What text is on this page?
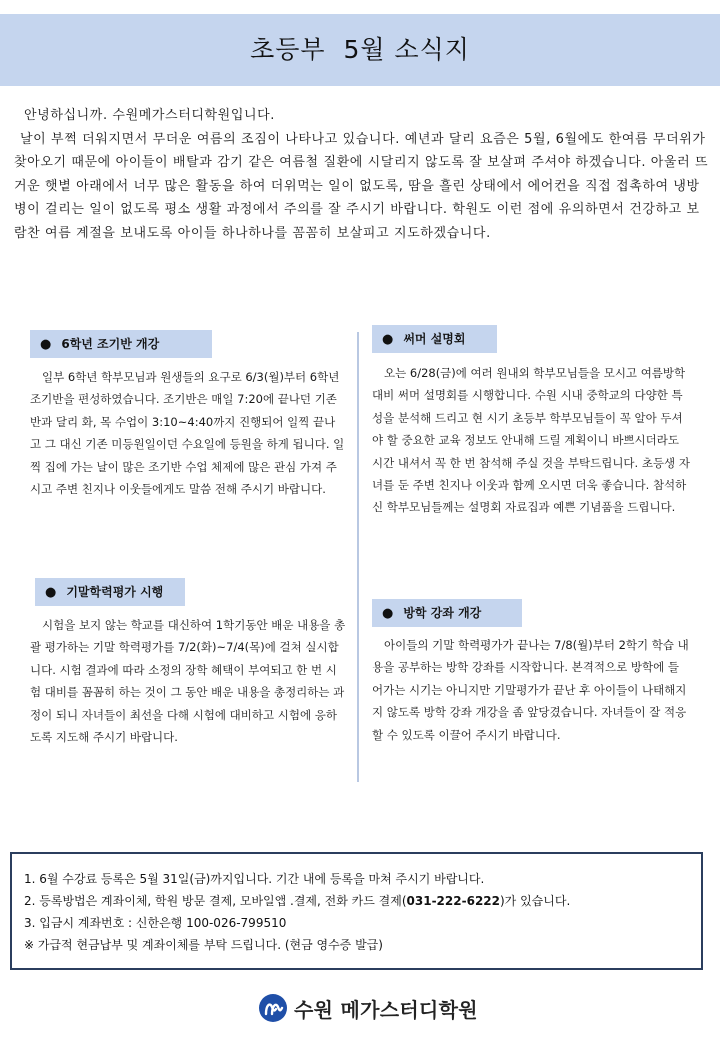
초등부  5월 소식지

안녕하십니까. 수원메가스터디학원입니다.

날이 부쩍 더워지면서 무더운 여름의 조짐이 나타나고 있습니다. 예년과 달리 요즘은 5월, 6월에도 한여름 무더위가 찾아오기 때문에 아이들이 배탈과 감기 같은 여름철 질환에 시달리지 않도록 잘 보살펴 주셔야 하겠습니다. 아울러 뜨거운 햇볕 아래에서 너무 많은 활동을 하여 더위먹는 일이 없도록, 땀을 흘린 상태에서 에어컨을 직접 접촉하여 냉방병이 걸리는 일이 없도록 평소 생활 과정에서 주의를 잘 주시기 바랍니다. 학원도 이런 점에 유의하면서 건강하고 보람찬 여름 계절을 보내도록 아이들 하나하나를 꼼꼼히 보살피고 지도하겠습니다.

● 6학년 조기반 개강

일부 6학년 학부모님과 원생들의 요구로 6/3(월)부터 6학년 조기반을 편성하였습니다. 조기반은 매일 7:20에 끝나던 기존 반과 달리 화, 목 수업이 3:10~4:40까지 진행되어 일찍 끝나고 그 대신 기존 미등원일이던 수요일에 등원을 하게 됩니다. 일찍 집에 가는 날이 많은 조기반 수업 체제에 많은 관심 가져 주시고 주변 친지나 이웃들에게도 말씀 전해 주시기 바랍니다.

● 기말학력평가 시행

시험을 보지 않는 학교를 대신하여 1학기동안 배운 내용을 총괄 평가하는 기말 학력평가를 7/2(화)~7/4(목)에 걸쳐 실시합니다. 시험 결과에 따라 소정의 장학 혜택이 부여되고 한 번 시험 대비를 꼼꼼히 하는 것이 그 동안 배운 내용을 총정리하는 과정이 되니 자녀들이 최선을 다해 시험에 대비하고 시험에 응하도록 지도해 주시기 바랍니다.

● 써머 설명회

오는 6/28(금)에 여러 원내외 학부모님들을 모시고 여름방학 대비 써머 설명회를 시행합니다. 수원 시내 중학교의 다양한 특성을 분석해 드리고 현 시기 초등부 학부모님들이 꼭 알아 두셔야 할 중요한 교육 정보도 안내해 드릴 계획이니 바쁘시더라도 시간 내셔서 꼭 한 번 참석해 주실 것을 부탁드립니다. 초등생 자녀를 둔 주변 친지나 이웃과 함께 오시면 더욱 좋습니다. 참석하신 학부모님들께는 설명회 자료집과 예쁜 기념품을 드립니다.

● 방학 강좌 개강

아이들의 기말 학력평가가 끝나는 7/8(월)부터 2학기 학습 내용을 공부하는 방학 강좌를 시작합니다. 본격적으로 방학에 들어가는 시기는 아니지만 기말평가가 끝난 후 아이들이 나태해지지 않도록 방학 강좌 개강을 좀 앞당겼습니다. 자녀들이 잘 적응할 수 있도록 이끌어 주시기 바랍니다.

1. 6월 수강료 등록은 5월 31일(금)까지입니다. 기간 내에 등록을 마쳐 주시기 바랍니다.

2. 등록방법은 계좌이체, 학원 방문 결제, 모바일앱 .결제, 전화 카드 결제(031-222-6222)가 있습니다.

3. 입금시 계좌번호 : 신한은행 100-026-799510

※ 가급적 현금납부 및 계좌이체를 부탁 드립니다. (현금 영수증 발급)

수원 메가스터디학원
